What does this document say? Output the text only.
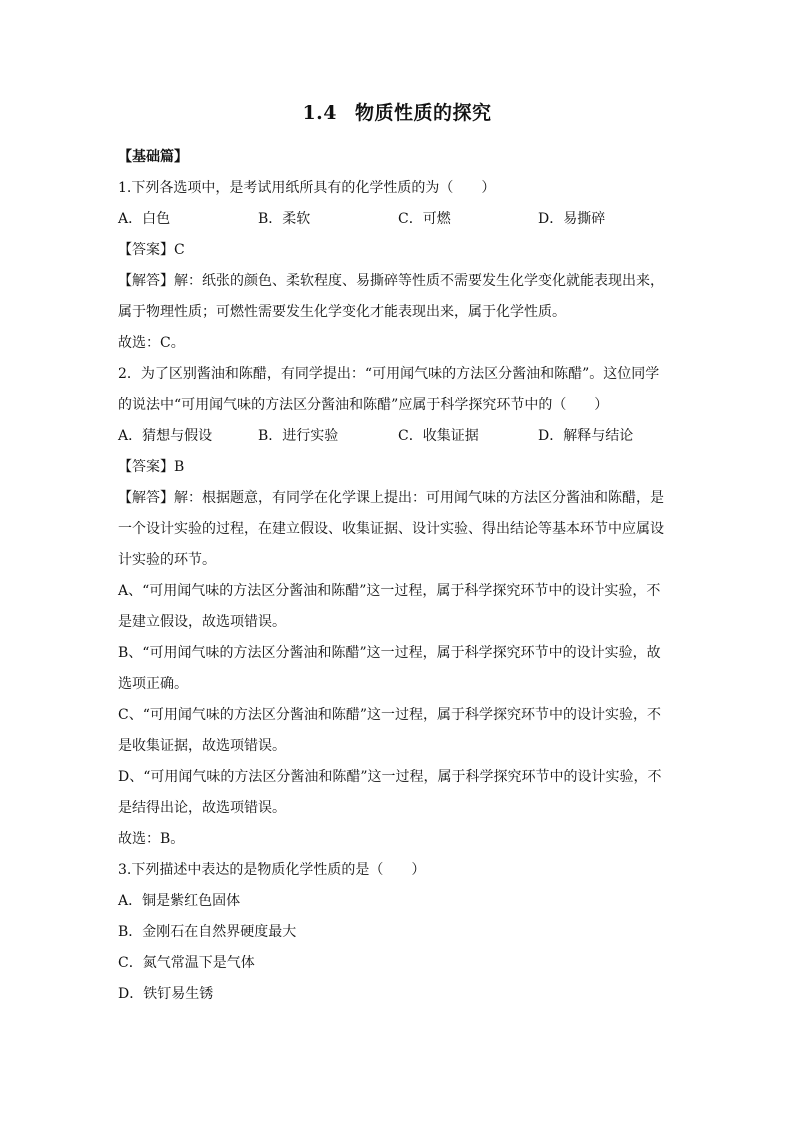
1.4 物质性质的探究
【基础篇】
1.下列各选项中，是考试用纸所具有的化学性质的为（　　）
A．白色	B．柔软	C．可燃	D．易撕碎
【答案】C
【解答】解：纸张的颜色、柔软程度、易撕碎等性质不需要发生化学变化就能表现出来，
属于物理性质；可燃性需要发生化学变化才能表现出来，属于化学性质。
故选：C。
2．为了区别酱油和陈醋，有同学提出：“可用闻气味的方法区分酱油和陈醋”。这位同学
的说法中“可用闻气味的方法区分酱油和陈醋”应属于科学探究环节中的（　　）
A．猜想与假设	B．进行实验	C．收集证据	D．解释与结论
【答案】B
【解答】解：根据题意，有同学在化学课上提出：可用闻气味的方法区分酱油和陈醋，是
一个设计实验的过程，在建立假设、收集证据、设计实验、得出结论等基本环节中应属设
计实验的环节。
A、“可用闻气味的方法区分酱油和陈醋”这一过程，属于科学探究环节中的设计实验，不
是建立假设，故选项错误。
B、“可用闻气味的方法区分酱油和陈醋”这一过程，属于科学探究环节中的设计实验，故
选项正确。
C、“可用闻气味的方法区分酱油和陈醋”这一过程，属于科学探究环节中的设计实验，不
是收集证据，故选项错误。
D、“可用闻气味的方法区分酱油和陈醋”这一过程，属于科学探究环节中的设计实验，不
是结得出论，故选项错误。
故选：B。
3.下列描述中表达的是物质化学性质的是（　　）
A．铜是紫红色固体
B．金刚石在自然界硬度最大
C．氮气常温下是气体
D．铁钉易生锈
